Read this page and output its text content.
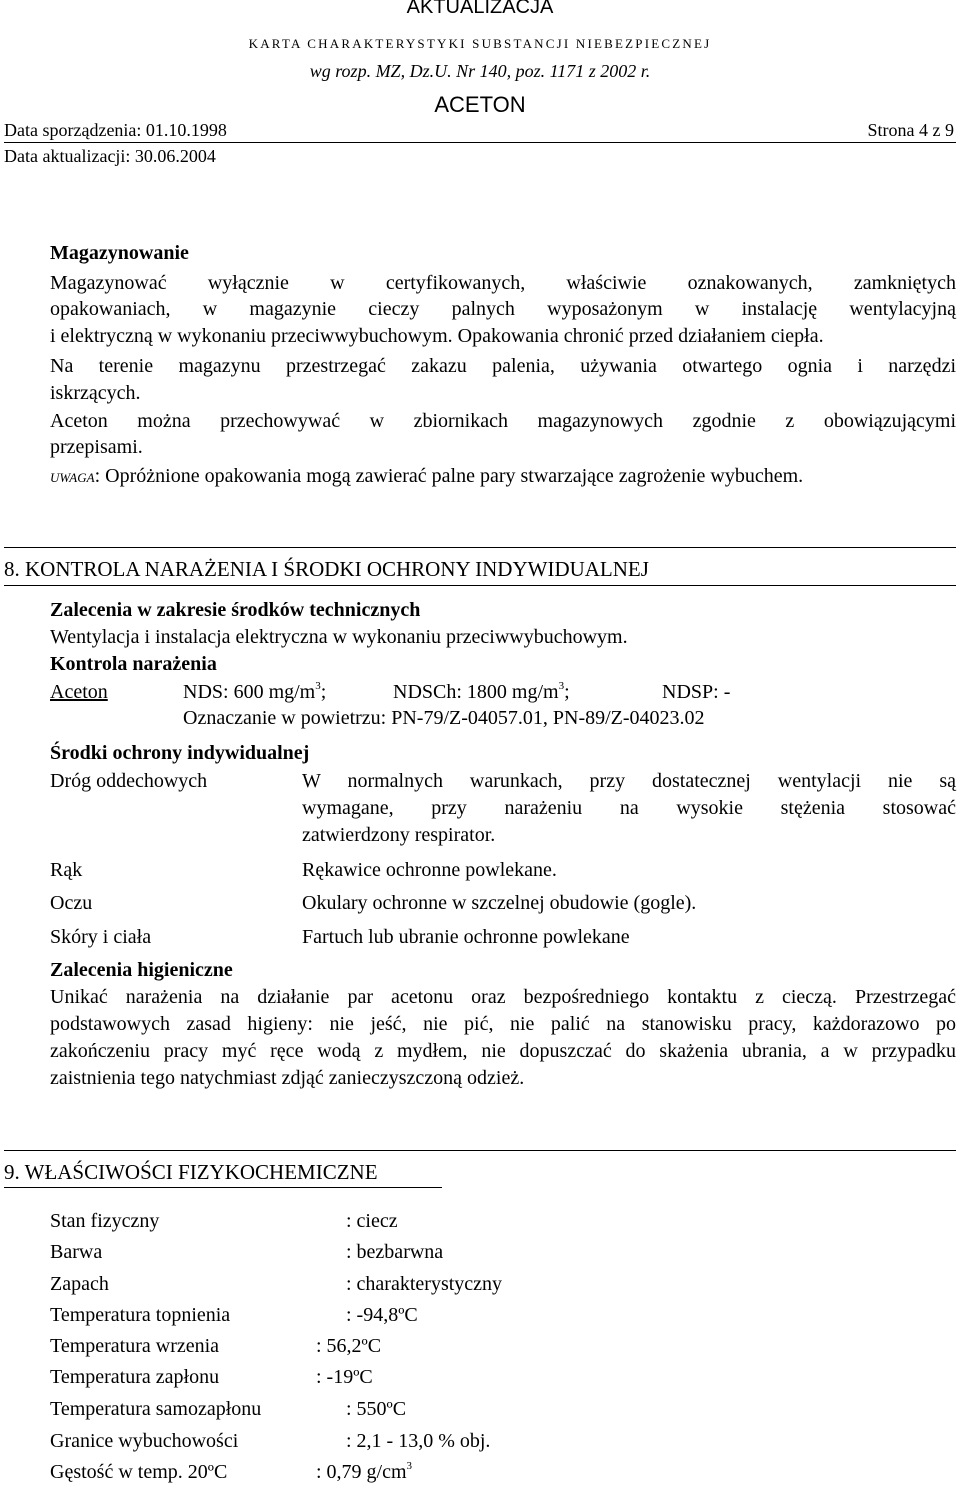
AKTUALIZACJA
KARTA CHARAKTERYSTYKI SUBSTANCJI NIEBEZPIECZNEJ
wg rozp. MZ, Dz.U. Nr 140, poz. 1171 z 2002 r.
ACETON
Data sporządzenia: 01.10.1998	Strona 4 z 9
Data aktualizacji: 30.06.2004
Magazynowanie
Magazynować wyłącznie w certyfikowanych, właściwie oznakowanych, zamkniętych
opakowaniach, w magazynie cieczy palnych wyposażonym w instalację wentylacyjną
i elektryczną w wykonaniu przeciwwybuchowym. Opakowania chronić przed działaniem ciepła.
Na terenie magazynu przestrzegać zakazu palenia, używania otwartego ognia i narzędzi
iskrzących.
Aceton można przechowywać w zbiornikach magazynowych zgodnie z obowiązującymi
przepisami.
UWAGA: Opróżnione opakowania mogą zawierać palne pary stwarzające zagrożenie wybuchem.
8. KONTROLA NARAŻENIA I ŚRODKI OCHRONY INDYWIDUALNEJ
Zalecenia w zakresie środków technicznych
Wentylacja i instalacja elektryczna w wykonaniu przeciwwybuchowym.
Kontrola narażenia
Aceton	NDS: 600 $mg/m^3$;	NDSCh: 1800 $mg/m^3$;	NDSP: -
Oznaczanie w powietrzu: PN-79/Z-04057.01, PN-89/Z-04023.02
Środki ochrony indywidualnej
Dróg oddechowych	W normalnych warunkach, przy dostatecznej wentylacji nie są
wymagane, przy narażeniu na wysokie stężenia stosować
zatwierdzony respirator.
Rąk	Rękawice ochronne powlekane.
Oczu	Okulary ochronne w szczelnej obudowie (gogle).
Skóry i ciała	Fartuch lub ubranie ochronne powlekane
Zalecenia higieniczne
Unikać narażenia na działanie par acetonu oraz bezpośredniego kontaktu z cieczą. Przestrzegać
podstawowych zasad higieny: nie jeść, nie pić, nie palić na stanowisku pracy, każdorazowo po
zakończeniu pracy myć ręce wodą z mydłem, nie dopuszczać do skażenia ubrania, a w przypadku
zaistnienia tego natychmiast zdjąć zanieczyszczoną odzież.
9. WŁAŚCIWOŚCI FIZYKOCHEMICZNE
Stan fizyczny	: ciecz
Barwa	: bezbarwna
Zapach	: charakterystyczny
Temperatura topnienia	: -94,8ºC
Temperatura wrzenia	: 56,2ºC
Temperatura zapłonu	: -19ºC
Temperatura samozapłonu	: 550ºC
Granice wybuchowości	: 2,1 - 13,0 % obj.
Gęstość w temp. 20ºC	: 0,79 $g/cm^3$
